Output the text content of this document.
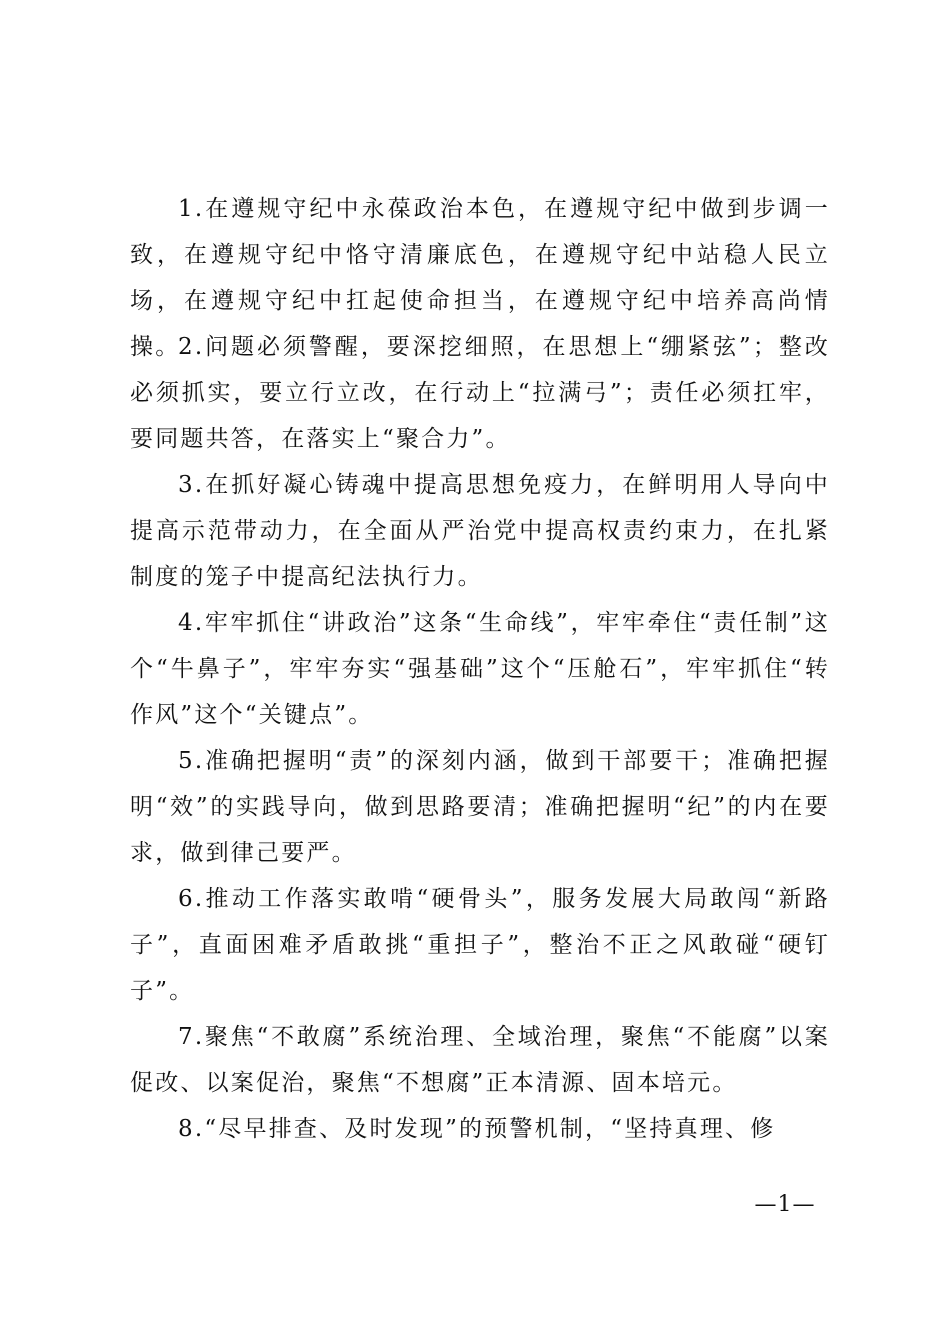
1.在遵规守纪中永葆政治本色，在遵规守纪中做到步调一致，在遵规守纪中恪守清廉底色，在遵规守纪中站稳人民立场，在遵规守纪中扛起使命担当，在遵规守纪中培养高尚情操。

2.问题必须警醒，要深挖细照，在思想上“绷紧弦”；整改必须抓实，要立行立改，在行动上“拉满弓”；责任必须扛牢，要同题共答，在落实上“聚合力”。

3.在抓好凝心铸魂中提高思想免疫力，在鲜明用人导向中提高示范带动力，在全面从严治党中提高权责约束力，在扎紧制度的笼子中提高纪法执行力。

4.牢牢抓住“讲政治”这条“生命线”，牢牢牵住“责任制”这个“牛鼻子”，牢牢夯实“强基础”这个“压舱石”，牢牢抓住“转作风”这个“关键点”。

5.准确把握明“责”的深刻内涵，做到干部要干；准确把握明“效”的实践导向，做到思路要清；准确把握明“纪”的内在要求，做到律己要严。

6.推动工作落实敢啃“硬骨头”，服务发展大局敢闯“新路子”，直面困难矛盾敢挑“重担子”，整治不正之风敢碰“硬钉子”。

7.聚焦“不敢腐”系统治理、全域治理，聚焦“不能腐”以案促改、以案促治，聚焦“不想腐”正本清源、固本培元。

8.“尽早排查、及时发现”的预警机制，“坚持真理、修

—1—
